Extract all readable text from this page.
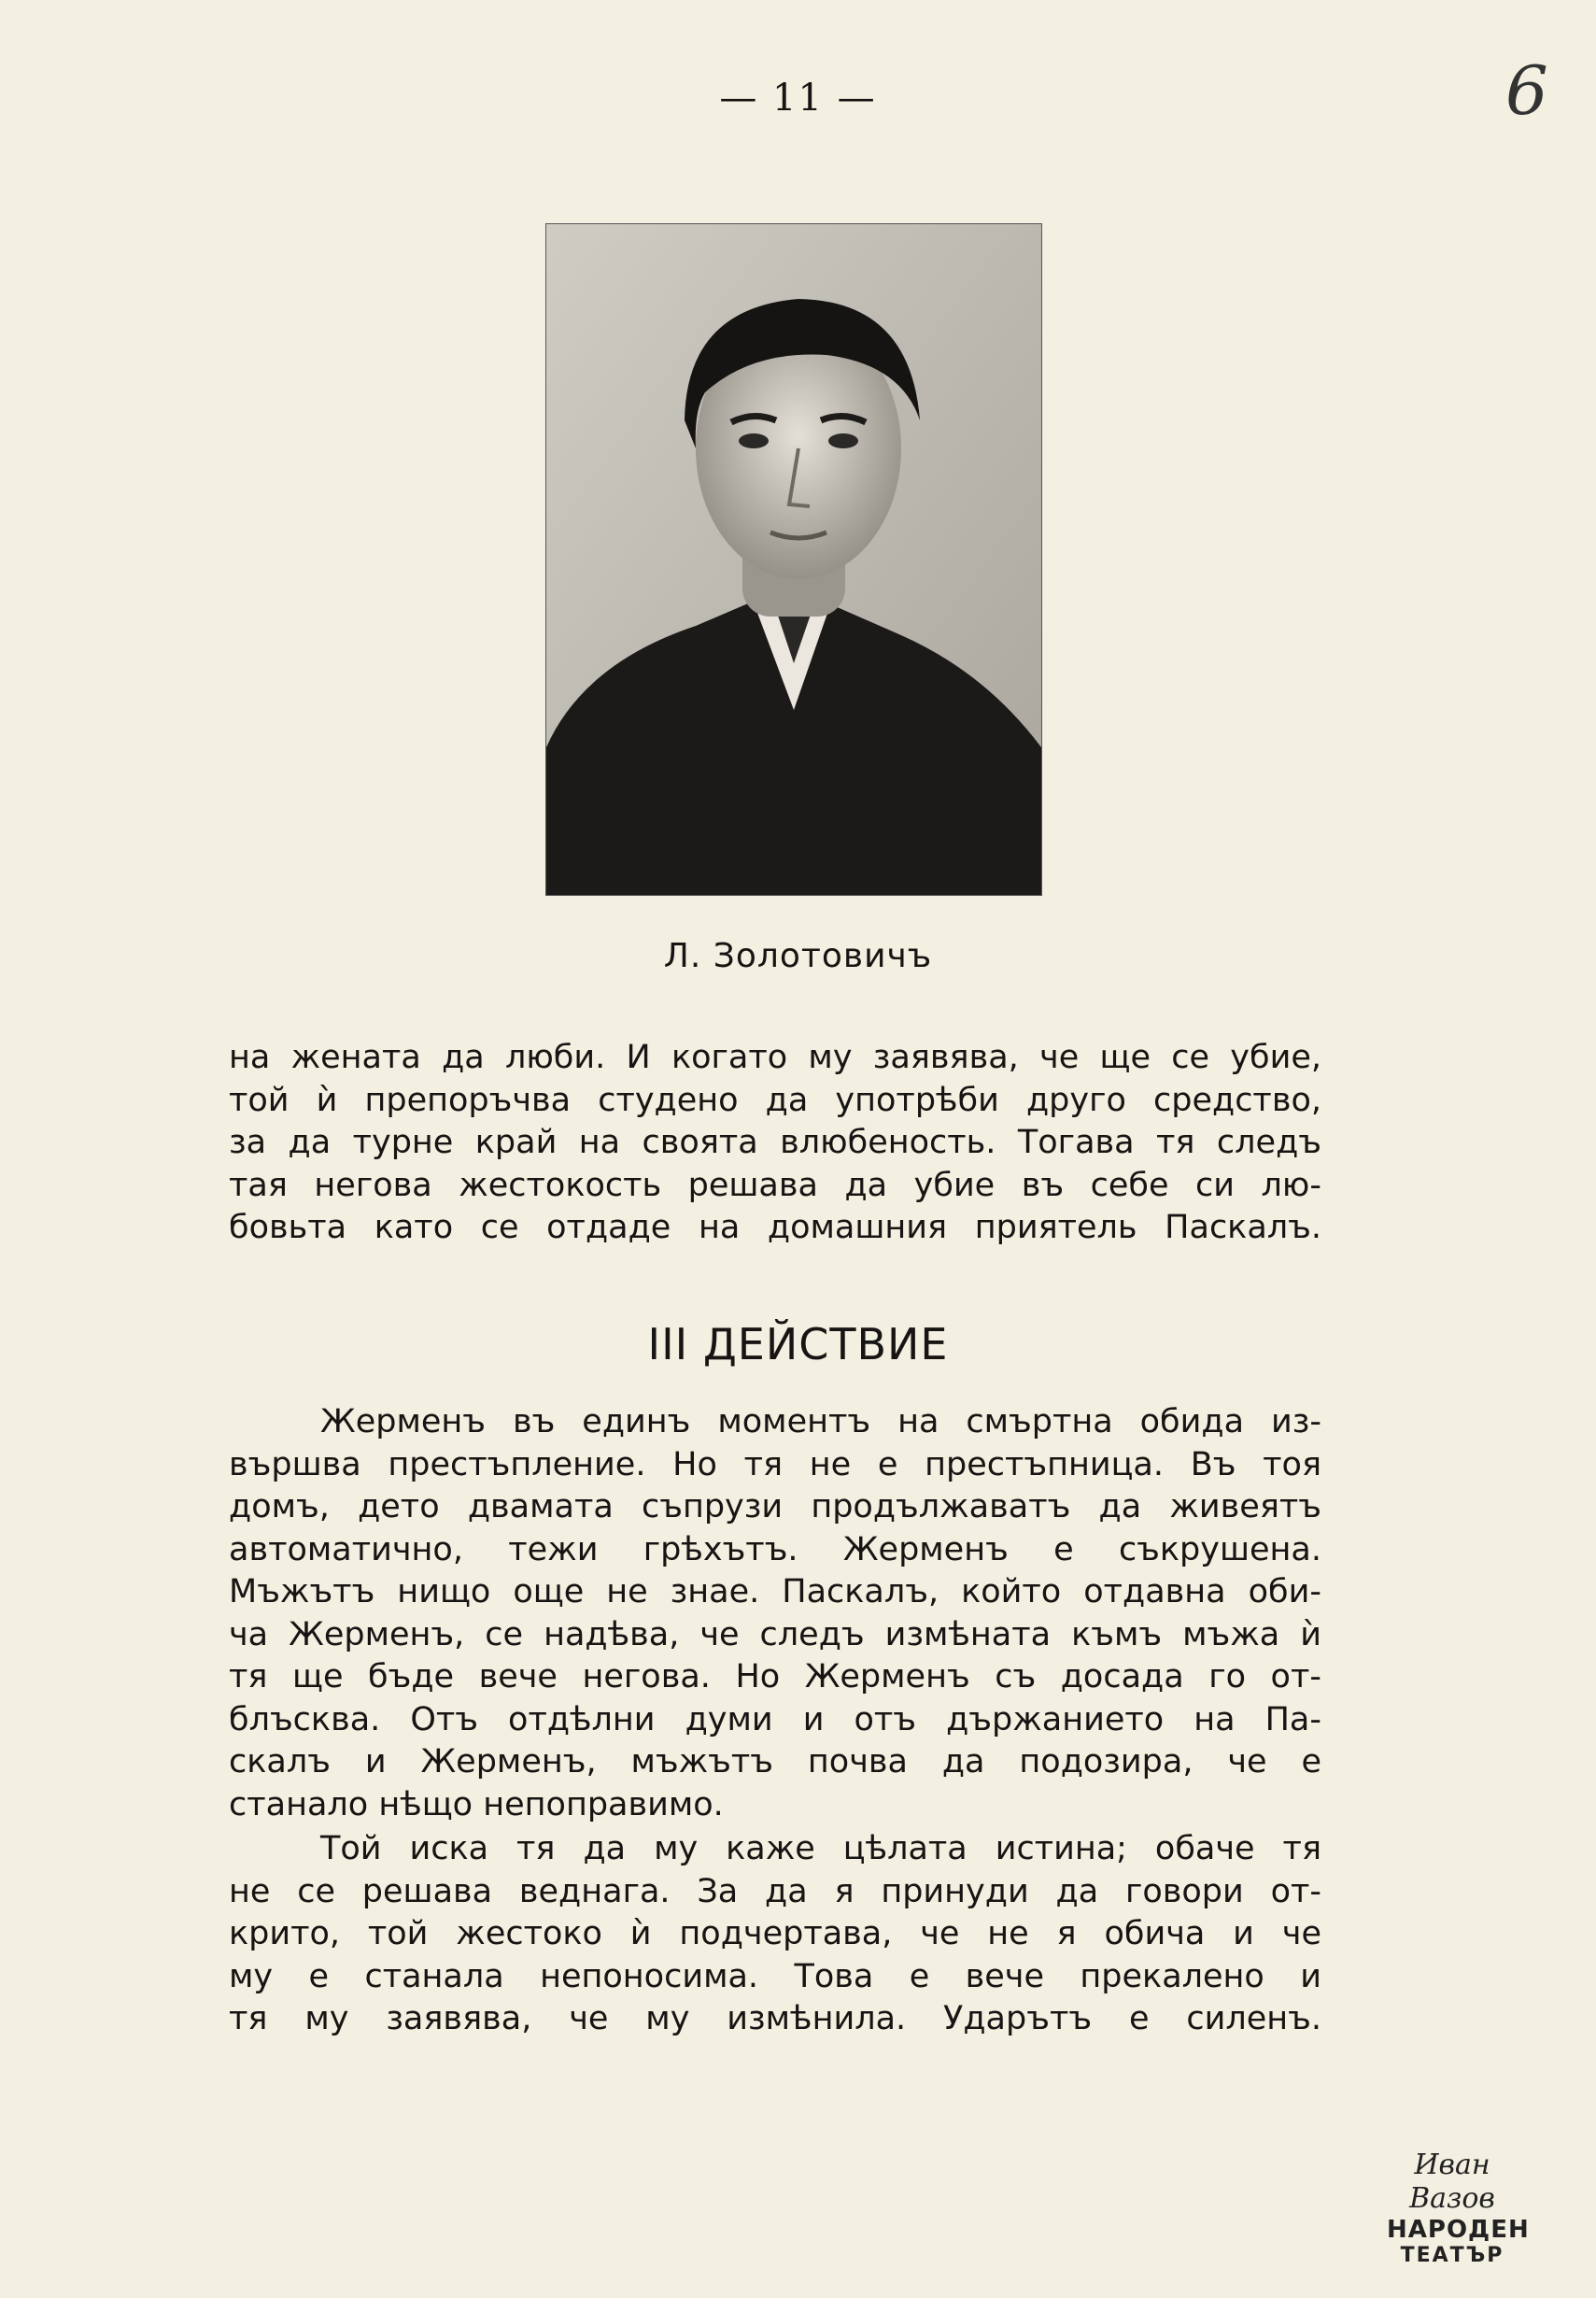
— 11 —	6
Л. Золотовичъ
на жената да люби. И когато му заявява, че ще се убие,
той ѝ препоръчва студено да употрѣби друго средство,
за да турне край на своята влюбеность. Тогава тя следъ
тая негова жестокость решава да убие въ себе си лю-
бовьта като се отдаде на домашния приятель Паскалъ.
III ДЕЙСТВИЕ
Жерменъ въ единъ моментъ на смъртна обида из-
вършва престъпление. Но тя не е престъпница. Въ тоя
домъ, дето двамата съпрузи продължаватъ да живеятъ
автоматично, тежи грѣхътъ. Жерменъ е съкрушена.
Мъжътъ нищо още не знае. Паскалъ, който отдавна оби-
ча Жерменъ, се надѣва, че следъ измѣната къмъ мъжа ѝ
тя ще бъде вече негова. Но Жерменъ съ досада го от-
блъсква. Отъ отдѣлни думи и отъ държанието на Па-
скалъ и Жерменъ, мъжътъ почва да подозира, че е
станало нѣщо непоправимо.
Той иска тя да му каже цѣлата истина; обаче тя
не се решава веднага. За да я принуди да говори от-
крито, той жестоко ѝ подчертава, че не я обича и че
му е станала непоносима. Това е вече прекалено и
тя му заявява, че му измѣнила. Ударътъ е силенъ.
Иван Вазов
НАРОДЕН
ТЕАТЪР
